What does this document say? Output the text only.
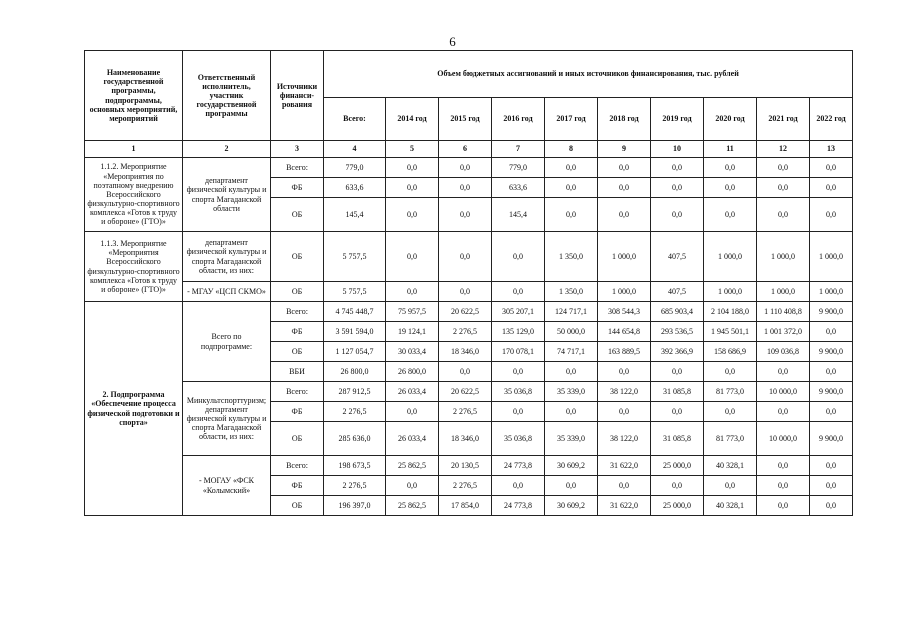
6
Наименование государственной программы, подпрограммы, основных мероприятий, мероприятий	Ответственный исполнитель, участник государственной программы	Источники финанси-рования	Объем бюджетных ассигнований и иных источников финансирования, тыс. рублей									
			Всего:	2014 год	2015 год	2016 год	2017 год	2018 год	2019 год	2020 год	2021 год	2022 год
1	2	3	4	5	6	7	8	9	10	11	12	13
1.1.2. Мероприятие «Мероприятия по поэтапному внедрению Всероссийского физкультурно-спортивного комплекса «Готов к труду и обороне» (ГТО)»	департамент физической культуры и спорта Магаданской области	Всего:	779,0	0,0	0,0	779,0	0,0	0,0	0,0	0,0	0,0	0,0
		ФБ	633,6	0,0	0,0	633,6	0,0	0,0	0,0	0,0	0,0	0,0
		ОБ	145,4	0,0	0,0	145,4	0,0	0,0	0,0	0,0	0,0	0,0
1.1.3. Мероприятие «Мероприятия Всероссийского физкультурно-спортивного комплекса «Готов к труду и обороне» (ГТО)»	департамент физической культуры и спорта Магаданской области, из них:	ОБ	5 757,5	0,0	0,0	0,0	1 350,0	1 000,0	407,5	1 000,0	1 000,0	1 000,0
	- МГАУ «ЦСП СКМО»	ОБ	5 757,5	0,0	0,0	0,0	1 350,0	1 000,0	407,5	1 000,0	1 000,0	1 000,0
2. Подпрограмма «Обеспечение процесса физической подготовки и спорта»	Всего по подпрограмме:	Всего:	4 745 448,7	75 957,5	20 622,5	305 207,1	124 717,1	308 544,3	685 903,4	2 104 188,0	1 110 408,8	9 900,0
		ФБ	3 591 594,0	19 124,1	2 276,5	135 129,0	50 000,0	144 654,8	293 536,5	1 945 501,1	1 001 372,0	0,0
		ОБ	1 127 054,7	30 033,4	18 346,0	170 078,1	74 717,1	163 889,5	392 366,9	158 686,9	109 036,8	9 900,0
		ВБИ	26 800,0	26 800,0	0,0	0,0	0,0	0,0	0,0	0,0	0,0	0,0
	Минкультспорттуризм; департамент физической культуры и спорта Магаданской области, из них:	Всего:	287 912,5	26 033,4	20 622,5	35 036,8	35 339,0	38 122,0	31 085,8	81 773,0	10 000,0	9 900,0
		ФБ	2 276,5	0,0	2 276,5	0,0	0,0	0,0	0,0	0,0	0,0	0,0
		ОБ	285 636,0	26 033,4	18 346,0	35 036,8	35 339,0	38 122,0	31 085,8	81 773,0	10 000,0	9 900,0
	- МОГАУ «ФСК «Колымский»	Всего:	198 673,5	25 862,5	20 130,5	24 773,8	30 609,2	31 622,0	25 000,0	40 328,1	0,0	0,0
		ФБ	2 276,5	0,0	2 276,5	0,0	0,0	0,0	0,0	0,0	0,0	0,0
		ОБ	196 397,0	25 862,5	17 854,0	24 773,8	30 609,2	31 622,0	25 000,0	40 328,1	0,0	0,0
